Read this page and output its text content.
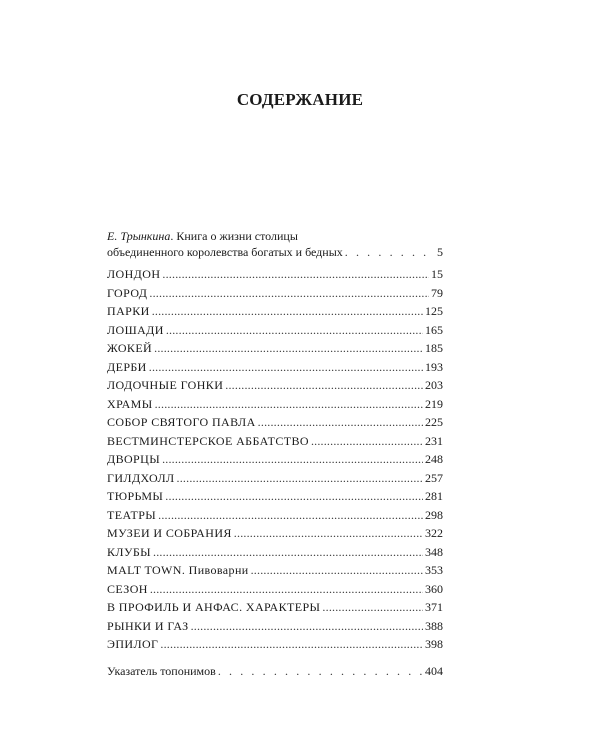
СОДЕРЖАНИЕ
Е. Трынкина. Книга о жизни столицы
объединенного королевства богатых и бедных . . .	5
ЛОНДОН .....	15
ГОРОД .....	79
ПАРКИ .....	125
ЛОШАДИ .....	165
ЖОКЕЙ .....	185
ДЕРБИ .....	193
ЛОДОЧНЫЕ ГОНКИ .....	203
ХРАМЫ .....	219
СОБОР СВЯТОГО ПАВЛА .....	225
ВЕСТМИНСТЕРСКОЕ АББАТСТВО .....	231
ДВОРЦЫ .....	248
ГИЛДХОЛЛ .....	257
ТЮРЬМЫ .....	281
ТЕАТРЫ .....	298
МУЗЕИ И СОБРАНИЯ .....	322
КЛУБЫ .....	348
MALT TOWN. Пивоварни .....	353
СЕЗОН .....	360
В ПРОФИЛЬ И АНФАС. ХАРАКТЕРЫ .....	371
РЫНКИ И ГАЗ .....	388
ЭПИЛОГ .....	398
Указатель топонимов . . .	404
